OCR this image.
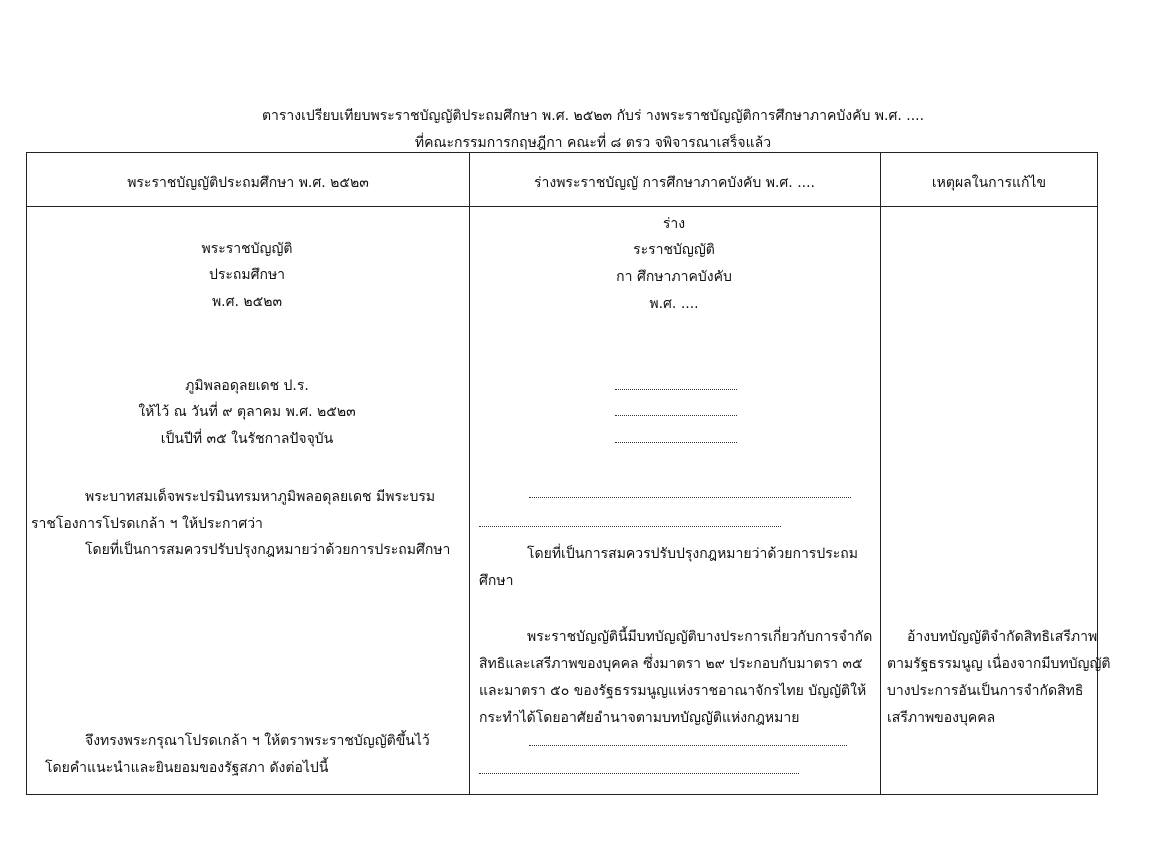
ตารางเปรียบเทียบพระราชบัญญัติประถมศึกษา พ.ศ. ๒๕๒๓ กับร่ างพระราชบัญญัติการศึกษาภาคบังคับ พ.ศ. ....
ที่คณะกรรมการกฤษฎีกา คณะที่ ๘ ตรว จพิจารณาเสร็จแล้ว
พระราชบัญญัติประถมศึกษา พ.ศ. ๒๕๒๓	ร่างพระราชบัญญั การศึกษาภาคบังคับ พ.ศ. ....	เหตุผลในการแก้ไข
พระราชบัญญัติ
ประถมศึกษา
พ.ศ. ๒๕๒๓
ภูมิพลอดุลยเดช ป.ร.
ให้ไว้ ณ วันที่ ๙ ตุลาคม พ.ศ. ๒๕๒๓
เป็นปีที่ ๓๕ ในรัชกาลปัจจุบัน
พระบาทสมเด็จพระปรมินทรมหาภูมิพลอดุลยเดช มีพระบรม
ราชโองการโปรดเกล้า ฯ ให้ประกาศว่า
โดยที่เป็นการสมควรปรับปรุงกฎหมายว่าด้วยการประถมศึกษา
จึงทรงพระกรุณาโปรดเกล้า ฯ ให้ตราพระราชบัญญัติขึ้นไว้
โดยคำแนะนำและยินยอมของรัฐสภา ดังต่อไปนี้
ร่าง
ระราชบัญญัติ
กา ศึกษาภาคบังคับ
พ.ศ. ....
โดยที่เป็นการสมควรปรับปรุงกฎหมายว่าด้วยการประถม
ศึกษา
พระราชบัญญัตินี้มีบทบัญญัติบางประการเกี่ยวกับการจำกัด
สิทธิและเสรีภาพของบุคคล ซึ่งมาตรา ๒๙ ประกอบกับมาตรา ๓๕
และมาตรา ๕๐ ของรัฐธรรมนูญแห่งราชอาณาจักรไทย บัญญัติให้
กระทำได้โดยอาศัยอำนาจตามบทบัญญัติแห่งกฎหมาย
อ้างบทบัญญัติจำกัดสิทธิเสรีภาพ
ตามรัฐธรรมนูญ เนื่องจากมีบทบัญญัติ
บางประการอันเป็นการจำกัดสิทธิ
เสรีภาพของบุคคล
